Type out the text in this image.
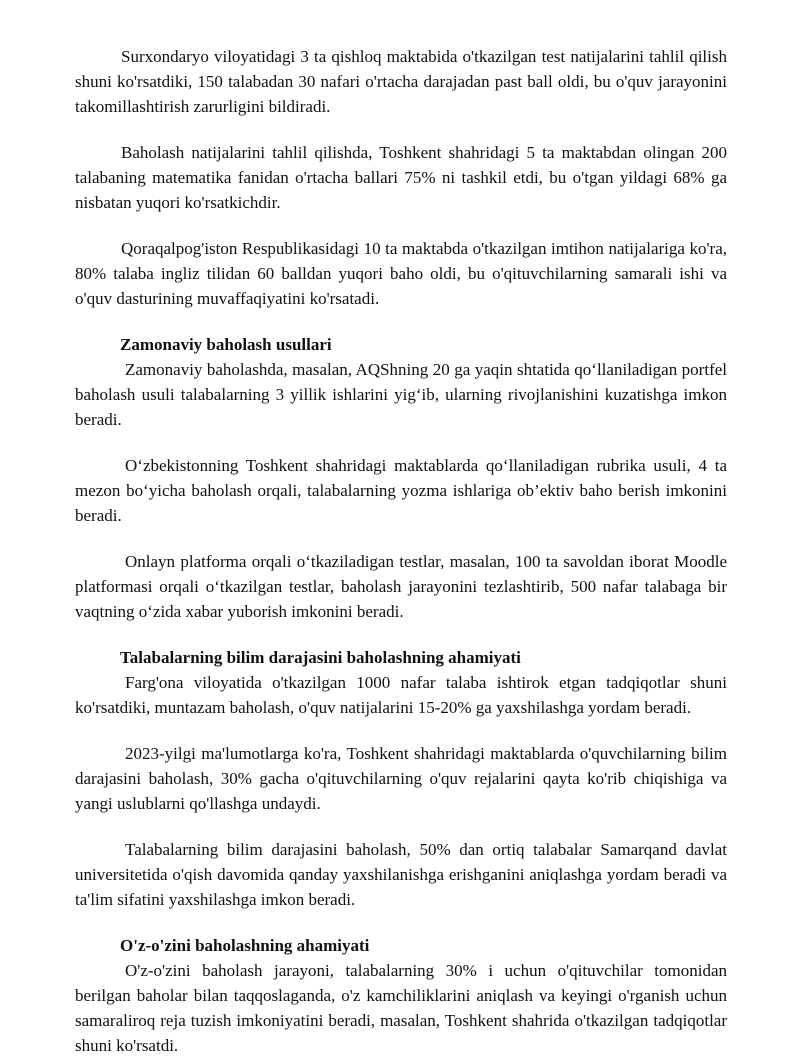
Surxondaryo viloyatidagi 3 ta qishloq maktabida o'tkazilgan test natijalarini tahlil qilish shuni ko'rsatdiki, 150 talabadan 30 nafari o'rtacha darajadan past ball oldi, bu o'quv jarayonini takomillashtirish zarurligini bildiradi.

Baholash natijalarini tahlil qilishda, Toshkent shahridagi 5 ta maktabdan olingan 200 talabaning matematika fanidan o'rtacha ballari 75% ni tashkil etdi, bu o'tgan yildagi 68% ga nisbatan yuqori ko'rsatkichdir.

Qoraqalpog'iston Respublikasidagi 10 ta maktabda o'tkazilgan imtihon natijalariga ko'ra, 80% talaba ingliz tilidan 60 balldan yuqori baho oldi, bu o'qituvchilarning samarali ishi va o'quv dasturining muvaffaqiyatini ko'rsatadi.

Zamonaviy baholash usullari

Zamonaviy baholashda, masalan, AQShning 20 ga yaqin shtatida qo‘llaniladigan portfel baholash usuli talabalarning 3 yillik ishlarini yig‘ib, ularning rivojlanishini kuzatishga imkon beradi.

O‘zbekistonning Toshkent shahridagi maktablarda qo‘llaniladigan rubrika usuli, 4 ta mezon bo‘yicha baholash orqali, talabalarning yozma ishlariga ob’ektiv baho berish imkonini beradi.

Onlayn platforma orqali o‘tkaziladigan testlar, masalan, 100 ta savoldan iborat Moodle platformasi orqali o‘tkazilgan testlar, baholash jarayonini tezlashtirib, 500 nafar talabaga bir vaqtning o‘zida xabar yuborish imkonini beradi.

Talabalarning bilim darajasini baholashning ahamiyati

Farg'ona viloyatida o'tkazilgan 1000 nafar talaba ishtirok etgan tadqiqotlar shuni ko'rsatdiki, muntazam baholash, o'quv natijalarini 15-20% ga yaxshilashga yordam beradi.

2023-yilgi ma'lumotlarga ko'ra, Toshkent shahridagi maktablarda o'quvchilarning bilim darajasini baholash, 30% gacha o'qituvchilarning o'quv rejalarini qayta ko'rib chiqishiga va yangi uslublarni qo'llashga undaydi.

Talabalarning bilim darajasini baholash, 50% dan ortiq talabalar Samarqand davlat universitetida o'qish davomida qanday yaxshilanishga erishganini aniqlashga yordam beradi va ta'lim sifatini yaxshilashga imkon beradi.

O'z-o'zini baholashning ahamiyati

O'z-o'zini baholash jarayoni, talabalarning 30% i uchun o'qituvchilar tomonidan berilgan baholar bilan taqqoslaganda, o'z kamchiliklarini aniqlash va keyingi o'rganish uchun samaraliroq reja tuzish imkoniyatini beradi, masalan, Toshkent shahrida o'tkazilgan tadqiqotlar shuni ko'rsatdi.
